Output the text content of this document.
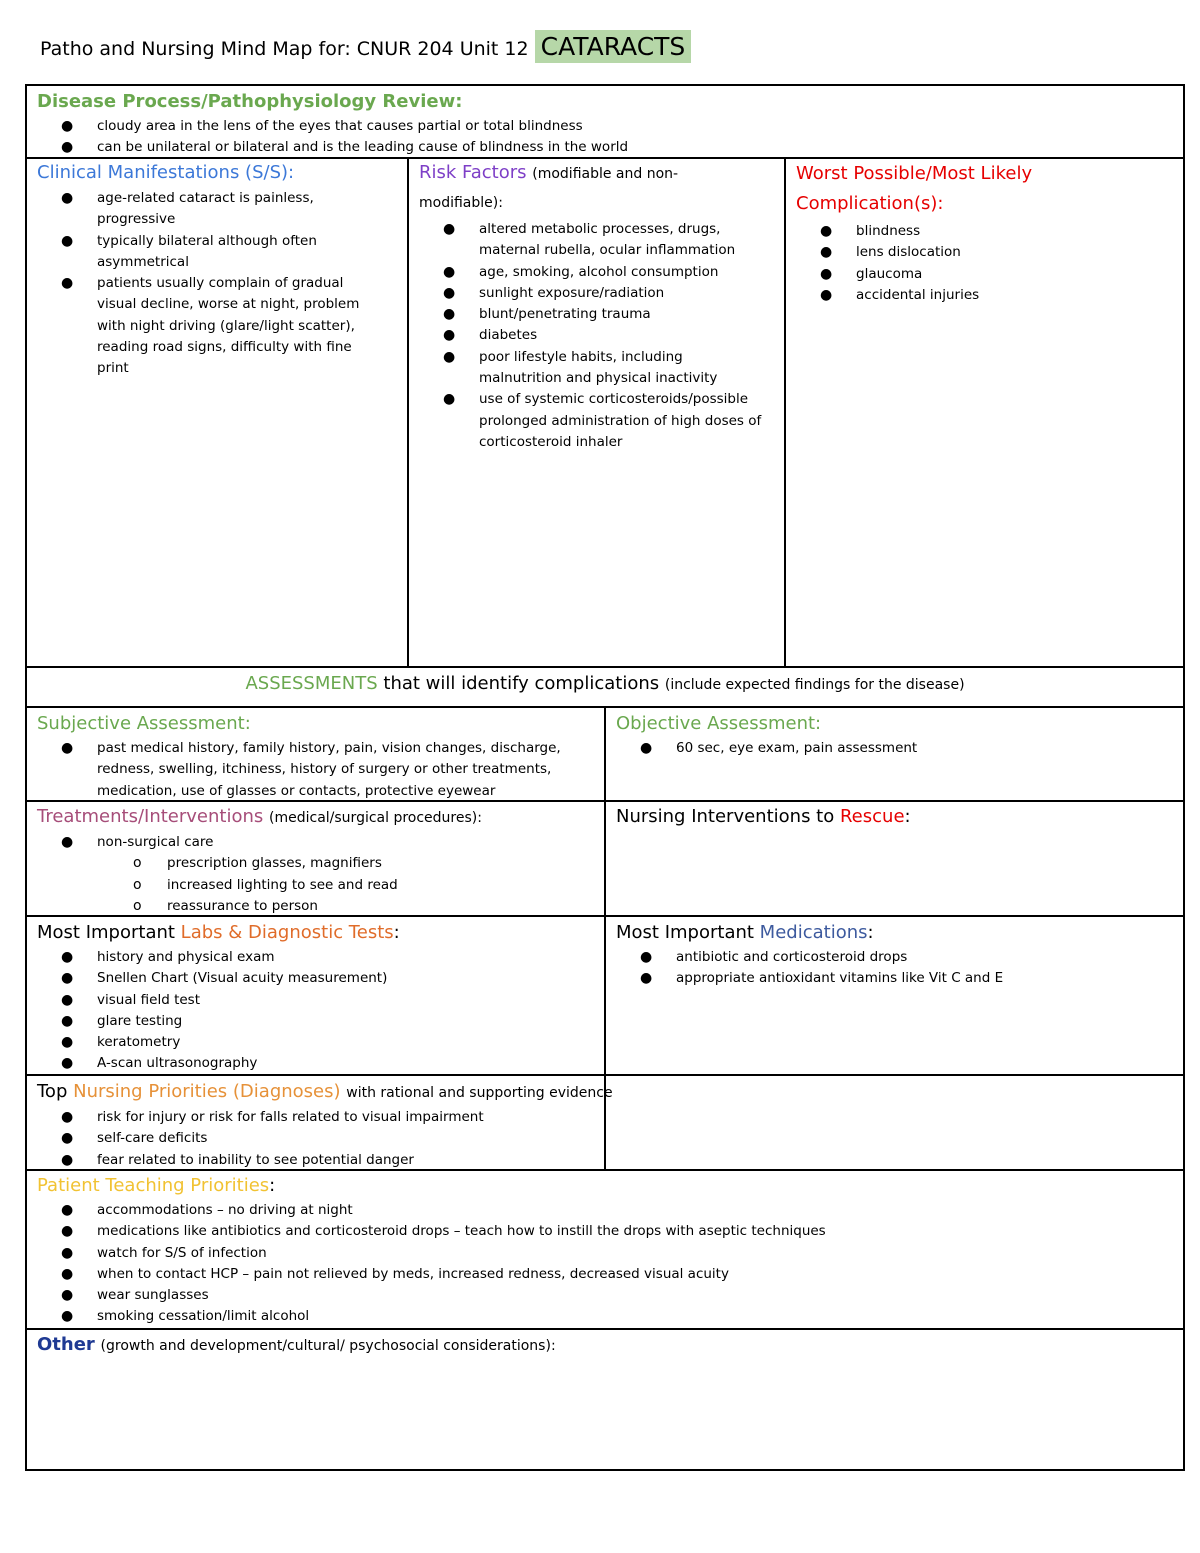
Patho and Nursing Mind Map for: CNUR 204 Unit 12 CATARACTS
Disease Process/Pathophysiology Review:
● cloudy area in the lens of the eyes that causes partial or total blindness
● can be unilateral or bilateral and is the leading cause of blindness in the world
Clinical Manifestations (S/S):
● age-related cataract is painless, progressive
● typically bilateral although often asymmetrical
● patients usually complain of gradual visual decline, worse at night, problem with night driving (glare/light scatter), reading road signs, difficulty with fine print
Risk Factors (modifiable and non-modifiable):
● altered metabolic processes, drugs, maternal rubella, ocular inflammation
● age, smoking, alcohol consumption
● sunlight exposure/radiation
● blunt/penetrating trauma
● diabetes
● poor lifestyle habits, including malnutrition and physical inactivity
● use of systemic corticosteroids/possible prolonged administration of high doses of corticosteroid inhaler
Worst Possible/Most Likely Complication(s):
● blindness
● lens dislocation
● glaucoma
● accidental injuries
ASSESSMENTS that will identify complications (include expected findings for the disease)
Subjective Assessment:
● past medical history, family history, pain, vision changes, discharge, redness, swelling, itchiness, history of surgery or other treatments, medication, use of glasses or contacts, protective eyewear
Objective Assessment:
● 60 sec, eye exam, pain assessment
Treatments/Interventions (medical/surgical procedures):
● non-surgical care
o prescription glasses, magnifiers
o increased lighting to see and read
o reassurance to person
Nursing Interventions to Rescue:
Most Important Labs & Diagnostic Tests:
● history and physical exam
● Snellen Chart (Visual acuity measurement)
● visual field test
● glare testing
● keratometry
● A-scan ultrasonography
Most Important Medications:
● antibiotic and corticosteroid drops
● appropriate antioxidant vitamins like Vit C and E
Top Nursing Priorities (Diagnoses) with rational and supporting evidence
● risk for injury or risk for falls related to visual impairment
● self-care deficits
● fear related to inability to see potential danger
Patient Teaching Priorities:
● accommodations – no driving at night
● medications like antibiotics and corticosteroid drops – teach how to instill the drops with aseptic techniques
● watch for S/S of infection
● when to contact HCP – pain not relieved by meds, increased redness, decreased visual acuity
● wear sunglasses
● smoking cessation/limit alcohol
Other (growth and development/cultural/ psychosocial considerations):
